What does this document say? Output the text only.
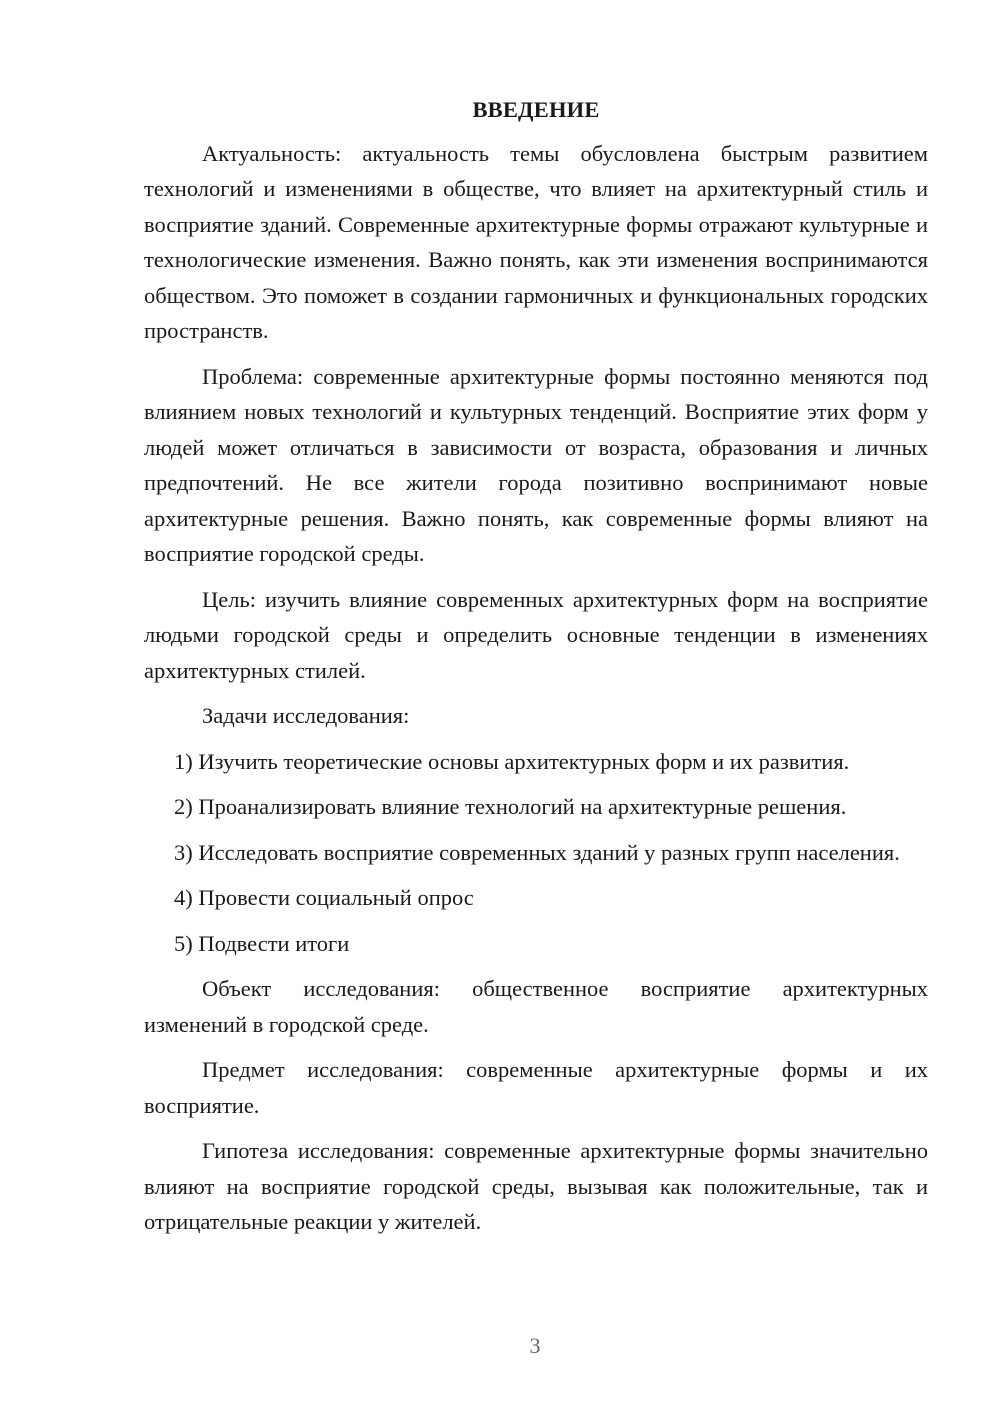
ВВЕДЕНИЕ

Актуальность: актуальность темы обусловлена быстрым развитием технологий и изменениями в обществе, что влияет на архитектурный стиль и восприятие зданий. Современные архитектурные формы отражают культурные и технологические изменения. Важно понять, как эти изменения воспринимаются обществом. Это поможет в создании гармоничных и функциональных городских пространств.

Проблема: современные архитектурные формы постоянно меняются под влиянием новых технологий и культурных тенденций. Восприятие этих форм у людей может отличаться в зависимости от возраста, образования и личных предпочтений. Не все жители города позитивно воспринимают новые архитектурные решения. Важно понять, как современные формы влияют на восприятие городской среды.

Цель: изучить влияние современных архитектурных форм на восприятие людьми городской среды и определить основные тенденции в изменениях архитектурных стилей.

Задачи исследования:

1) Изучить теоретические основы архитектурных форм и их развития.

2) Проанализировать влияние технологий на архитектурные решения.

3) Исследовать восприятие современных зданий у разных групп населения.

4) Провести социальный опрос

5) Подвести итоги

Объект исследования: общественное восприятие архитектурных изменений в городской среде.

Предмет исследования: современные архитектурные формы и их восприятие.

Гипотеза исследования: современные архитектурные формы значительно влияют на восприятие городской среды, вызывая как положительные, так и отрицательные реакции у жителей.

3
